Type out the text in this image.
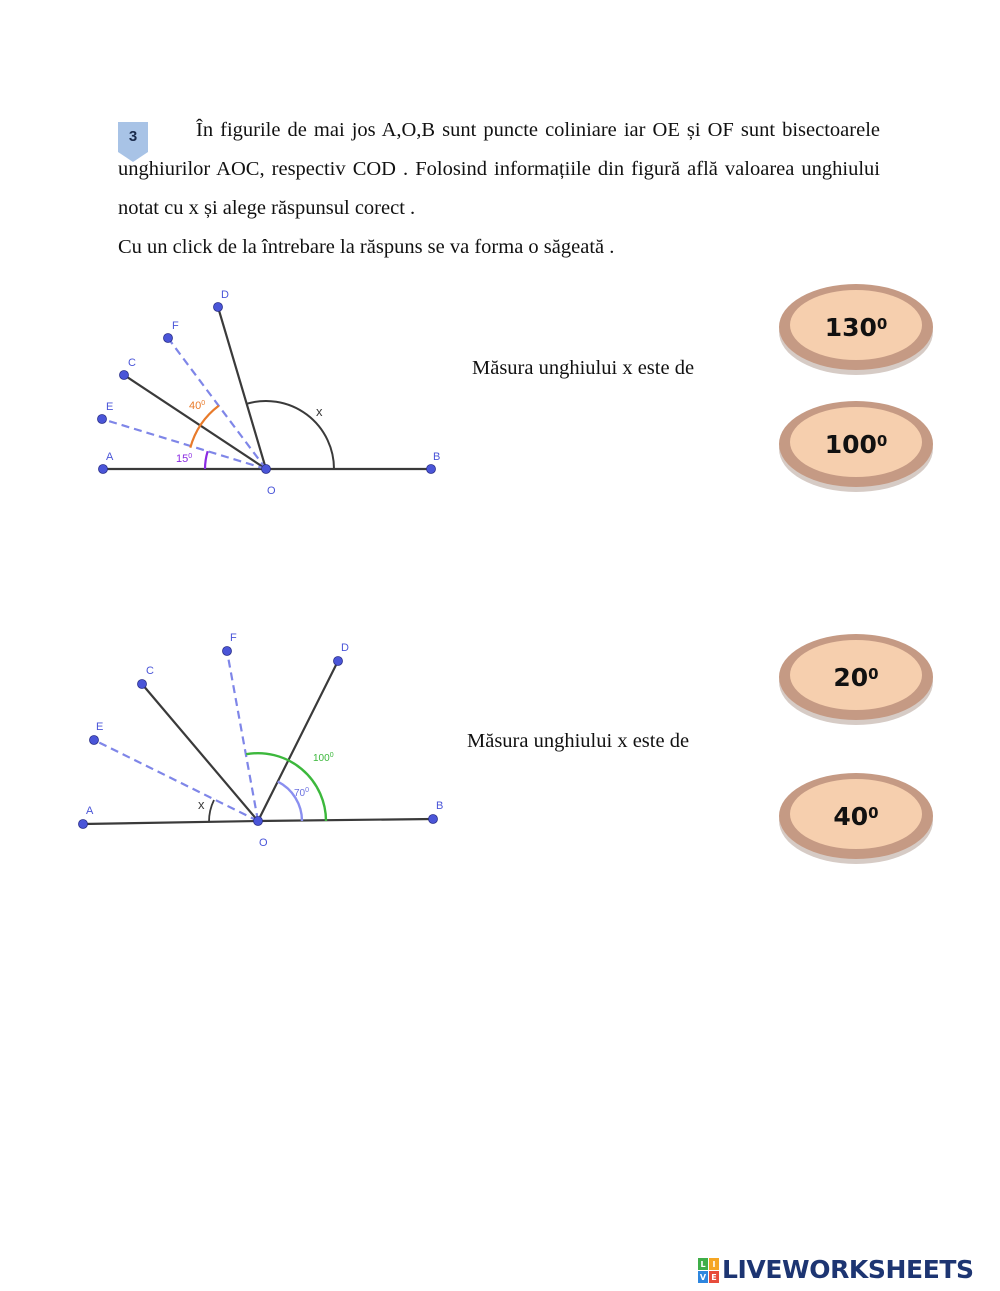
3	În figurile de mai jos A,O,B sunt puncte coliniare iar OE și OF sunt bisectoarele unghiurilor AOC, respectiv COD . Folosind informațiile din figură află valoarea unghiului notat cu x și alege răspunsul corect .

Cu un click de la întrebare la răspuns se va forma o săgeată .

A	B
C
D
E
F
O
x
$40^0$
$15^0$
Măsura unghiului x este de
$130^0$
$100^0$
A	B
C
D
E
F
O
x
$100^0$
$70^0$
Măsura unghiului x este de
$20^0$
$40^0$
L I
V E LIVEWORKSHEETS
